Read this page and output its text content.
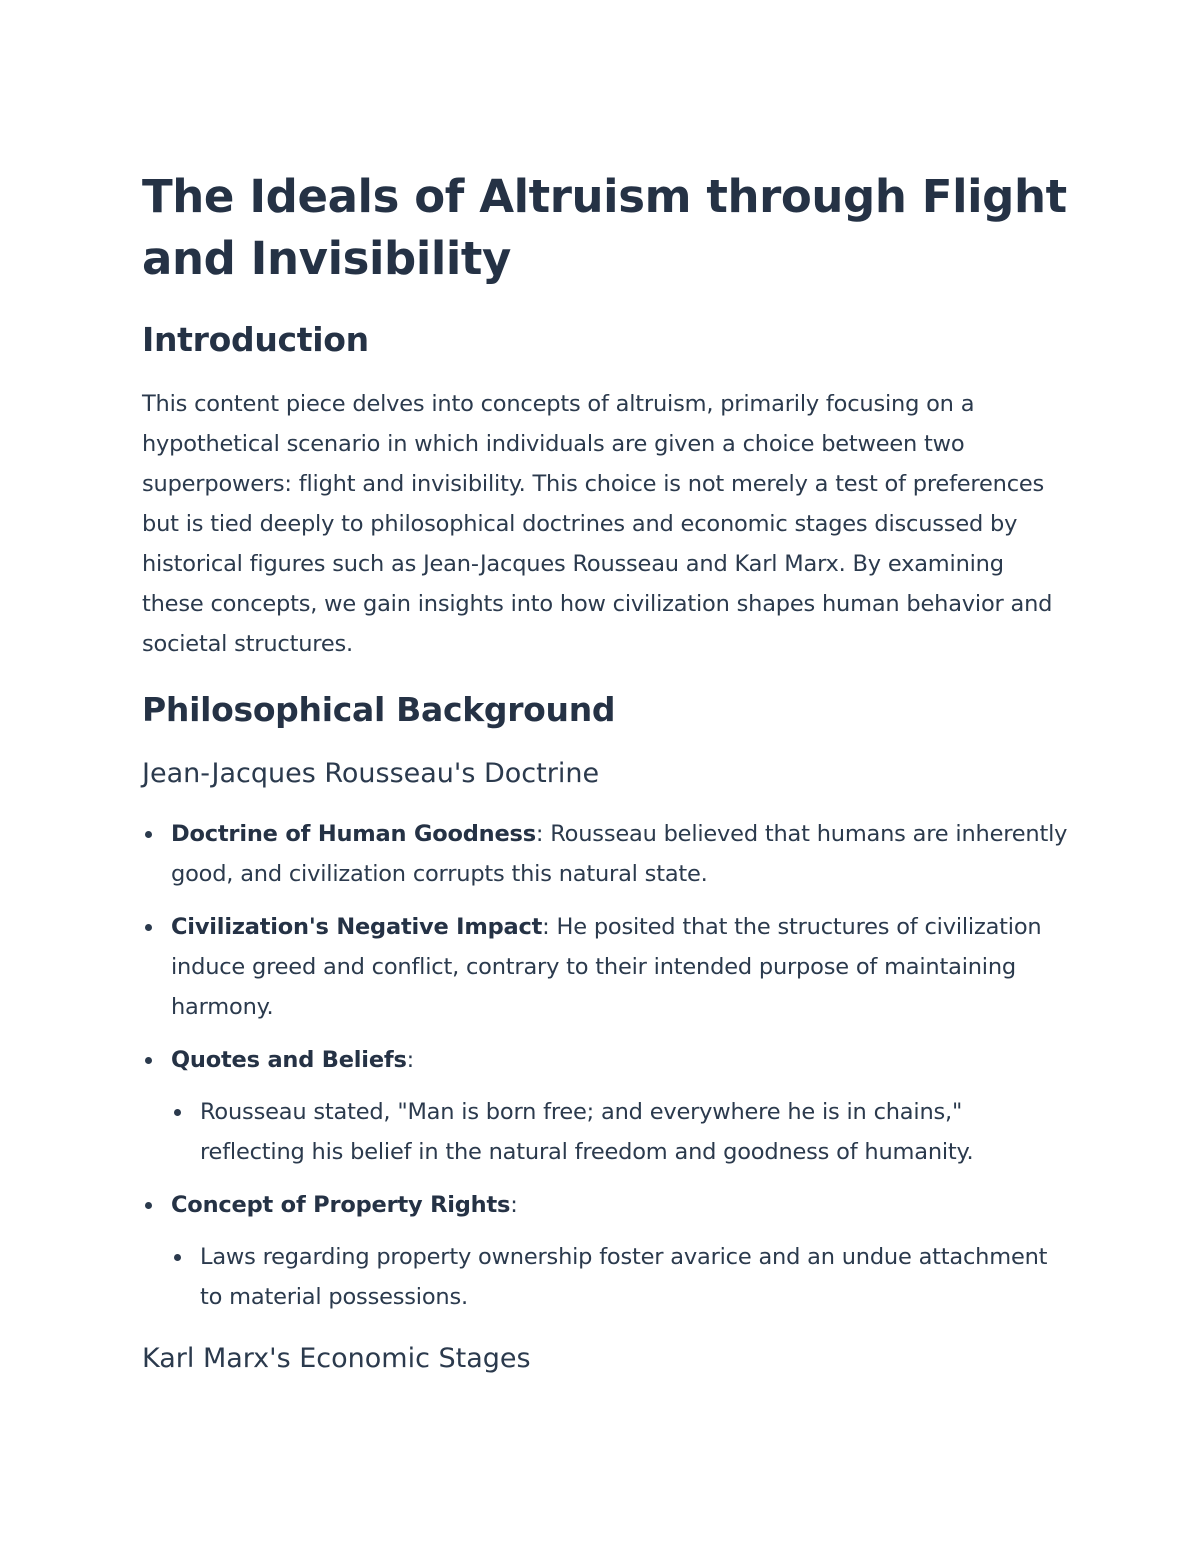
The Ideals of Altruism through Flight and Invisibility
Introduction

This content piece delves into concepts of altruism, primarily focusing on a hypothetical scenario in which individuals are given a choice between two superpowers: flight and invisibility. This choice is not merely a test of preferences but is tied deeply to philosophical doctrines and economic stages discussed by historical figures such as Jean-Jacques Rousseau and Karl Marx. By examining these concepts, we gain insights into how civilization shapes human behavior and societal structures.

Philosophical Background
Jean-Jacques Rousseau's Doctrine
Doctrine of Human Goodness: Rousseau believed that humans are inherently good, and civilization corrupts this natural state.
Civilization's Negative Impact: He posited that the structures of civilization induce greed and conflict, contrary to their intended purpose of maintaining harmony.
Quotes and Beliefs:
Rousseau stated, "Man is born free; and everywhere he is in chains," reflecting his belief in the natural freedom and goodness of humanity.
Concept of Property Rights:
Laws regarding property ownership foster avarice and an undue attachment to material possessions.
Karl Marx's Economic Stages
